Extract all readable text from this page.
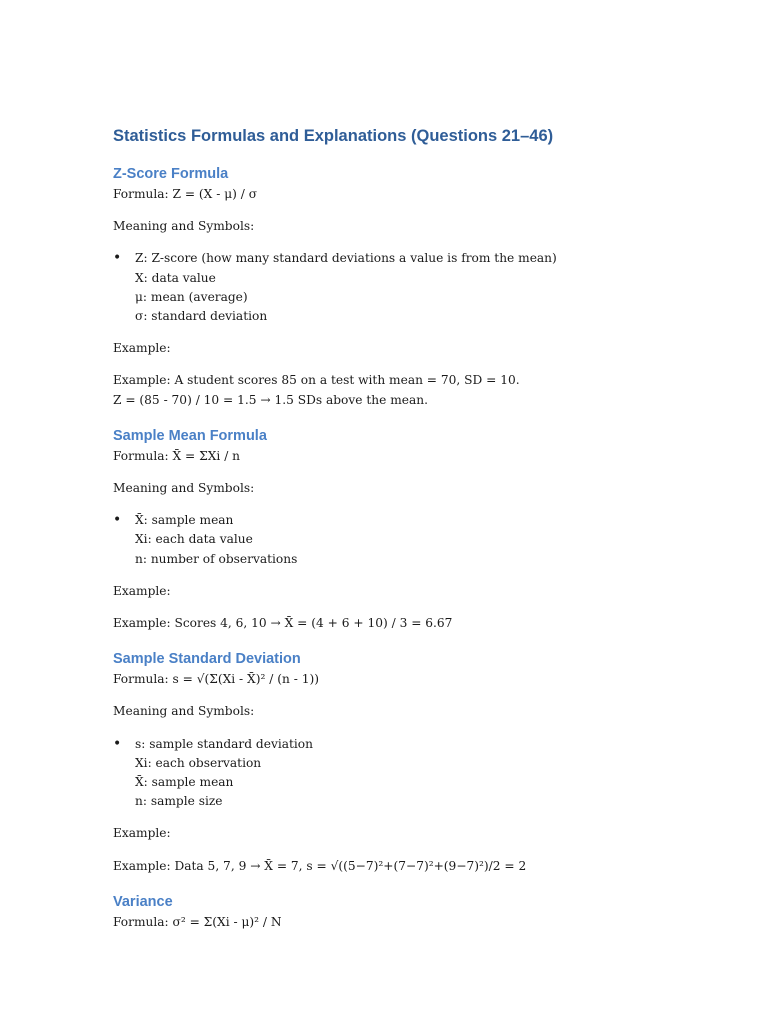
Statistics Formulas and Explanations (Questions 21–46)
Z-Score Formula

Formula: Z = (X - μ) / σ

Meaning and Symbols:

• Z: Z-score (how many standard deviations a value is from the mean)

X: data value

μ: mean (average)

σ: standard deviation

Example:

Example: A student scores 85 on a test with mean = 70, SD = 10.

Z = (85 - 70) / 10 = 1.5 → 1.5 SDs above the mean.

Sample Mean Formula

Formula: X̄ = ΣXi / n

Meaning and Symbols:

• X̄: sample mean

Xi: each data value

n: number of observations

Example:

Example: Scores 4, 6, 10 → X̄ = (4 + 6 + 10) / 3 = 6.67

Sample Standard Deviation

Formula: s = √(Σ(Xi - X̄)² / (n - 1))

Meaning and Symbols:

• s: sample standard deviation

Xi: each observation

X̄: sample mean

n: sample size

Example:

Example: Data 5, 7, 9 → X̄ = 7, s = √((5−7)²+(7−7)²+(9−7)²)/2 = 2

Variance

Formula: σ² = Σ(Xi - μ)² / N
